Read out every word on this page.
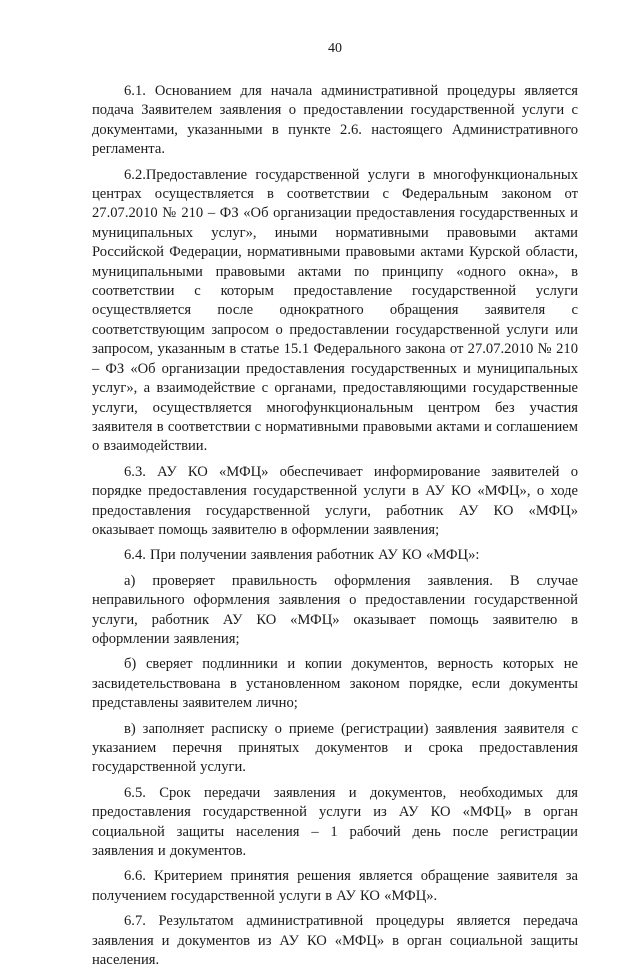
40

6.1. Основанием для начала административной процедуры является подача Заявителем заявления о предоставлении государственной услуги с документами, указанными в пункте 2.6. настоящего Административного регламента.

6.2.Предоставление государственной услуги в многофункциональных центрах осуществляется в соответствии с Федеральным законом от 27.07.2010 № 210 – ФЗ «Об организации предоставления государственных и муниципальных услуг», иными нормативными правовыми актами Российской Федерации, нормативными правовыми актами Курской области, муниципальными правовыми актами по принципу «одного окна», в соответствии с которым предоставление государственной услуги осуществляется после однократного обращения заявителя с соответствующим запросом о предоставлении государственной услуги или запросом, указанным в статье 15.1 Федерального закона от 27.07.2010 № 210 – ФЗ «Об организации предоставления государственных и муниципальных услуг», а взаимодействие с органами, предоставляющими государственные услуги, осуществляется многофункциональным центром без участия заявителя в соответствии с нормативными правовыми актами и соглашением о взаимодействии.

6.3. АУ КО «МФЦ» обеспечивает информирование заявителей о порядке предоставления государственной услуги в АУ КО «МФЦ», о ходе предоставления государственной услуги, работник АУ КО «МФЦ» оказывает помощь заявителю в оформлении заявления;

6.4. При получении заявления работник АУ КО «МФЦ»:

а) проверяет правильность оформления заявления. В случае неправильного оформления заявления о предоставлении государственной услуги, работник АУ КО «МФЦ» оказывает помощь заявителю в оформлении заявления;

б) сверяет подлинники и копии документов, верность которых не засвидетельствована в установленном законом порядке, если документы представлены заявителем лично;

в) заполняет расписку о приеме (регистрации) заявления заявителя с указанием перечня принятых документов и срока предоставления государственной услуги.

6.5. Срок передачи заявления и документов, необходимых для предоставления государственной услуги из АУ КО «МФЦ» в орган социальной защиты населения – 1 рабочий день после регистрации заявления и документов.

6.6. Критерием принятия решения является обращение заявителя за получением государственной услуги в АУ КО «МФЦ».

6.7. Результатом административной процедуры является передача заявления и документов из АУ КО «МФЦ» в орган социальной защиты населения.
